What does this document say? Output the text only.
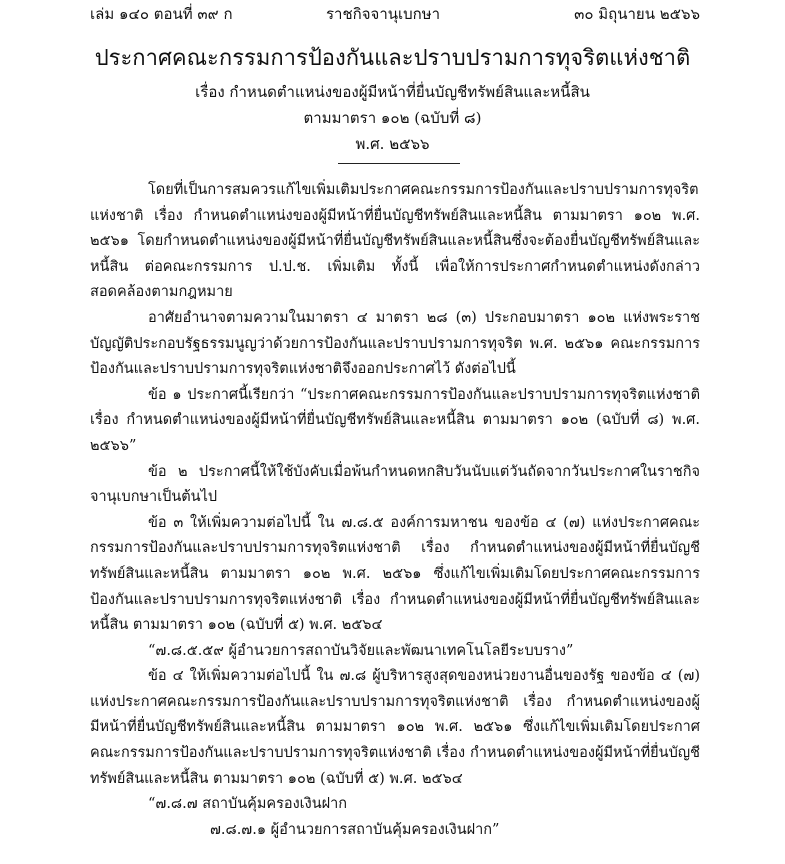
เล่ม ๑๔๐ ตอนที่ ๓๙ ก	ราชกิจจานุเบกษา	๓๐ มิถุนายน ๒๕๖๖
ประกาศคณะกรรมการป้องกันและปราบปรามการทุจริตแห่งชาติ
เรื่อง กำหนดตำแหน่งของผู้มีหน้าที่ยื่นบัญชีทรัพย์สินและหนี้สิน
ตามมาตรา ๑๐๒ (ฉบับที่ ๘)
พ.ศ. ๒๕๖๖

โดยที่เป็นการสมควรแก้ไขเพิ่มเติมประกาศคณะกรรมการป้องกันและปราบปรามการทุจริตแห่งชาติ เรื่อง กำหนดตำแหน่งของผู้มีหน้าที่ยื่นบัญชีทรัพย์สินและหนี้สิน ตามมาตรา ๑๐๒ พ.ศ. ๒๕๖๑ โดยกำหนดตำแหน่งของผู้มีหน้าที่ยื่นบัญชีทรัพย์สินและหนี้สินซึ่งจะต้องยื่นบัญชีทรัพย์สินและหนี้สิน ต่อคณะกรรมการ ป.ป.ช. เพิ่มเติม ทั้งนี้ เพื่อให้การประกาศกำหนดตำแหน่งดังกล่าวสอดคล้องตามกฎหมาย

อาศัยอำนาจตามความในมาตรา ๔ มาตรา ๒๘ (๓) ประกอบมาตรา ๑๐๒ แห่งพระราชบัญญัติประกอบรัฐธรรมนูญว่าด้วยการป้องกันและปราบปรามการทุจริต พ.ศ. ๒๕๖๑ คณะกรรมการป้องกันและปราบปรามการทุจริตแห่งชาติจึงออกประกาศไว้ ดังต่อไปนี้

ข้อ ๑ ประกาศนี้เรียกว่า “ประกาศคณะกรรมการป้องกันและปราบปรามการทุจริตแห่งชาติ เรื่อง กำหนดตำแหน่งของผู้มีหน้าที่ยื่นบัญชีทรัพย์สินและหนี้สิน ตามมาตรา ๑๐๒ (ฉบับที่ ๘) พ.ศ. ๒๕๖๖”

ข้อ ๒ ประกาศนี้ให้ใช้บังคับเมื่อพ้นกำหนดหกสิบวันนับแต่วันถัดจากวันประกาศในราชกิจจานุเบกษาเป็นต้นไป

ข้อ ๓ ให้เพิ่มความต่อไปนี้ ใน ๗.๘.๕ องค์การมหาชน ของข้อ ๔ (๗) แห่งประกาศคณะกรรมการป้องกันและปราบปรามการทุจริตแห่งชาติ เรื่อง กำหนดตำแหน่งของผู้มีหน้าที่ยื่นบัญชีทรัพย์สินและหนี้สิน ตามมาตรา ๑๐๒ พ.ศ. ๒๕๖๑ ซึ่งแก้ไขเพิ่มเติมโดยประกาศคณะกรรมการป้องกันและปราบปรามการทุจริตแห่งชาติ เรื่อง กำหนดตำแหน่งของผู้มีหน้าที่ยื่นบัญชีทรัพย์สินและหนี้สิน ตามมาตรา ๑๐๒ (ฉบับที่ ๕) พ.ศ. ๒๕๖๔

“๗.๘.๕.๕๙ ผู้อำนวยการสถาบันวิจัยและพัฒนาเทคโนโลยีระบบราง”

ข้อ ๔ ให้เพิ่มความต่อไปนี้ ใน ๗.๘ ผู้บริหารสูงสุดของหน่วยงานอื่นของรัฐ ของข้อ ๔ (๗) แห่งประกาศคณะกรรมการป้องกันและปราบปรามการทุจริตแห่งชาติ เรื่อง กำหนดตำแหน่งของผู้มีหน้าที่ยื่นบัญชีทรัพย์สินและหนี้สิน ตามมาตรา ๑๐๒ พ.ศ. ๒๕๖๑ ซึ่งแก้ไขเพิ่มเติมโดยประกาศคณะกรรมการป้องกันและปราบปรามการทุจริตแห่งชาติ เรื่อง กำหนดตำแหน่งของผู้มีหน้าที่ยื่นบัญชีทรัพย์สินและหนี้สิน ตามมาตรา ๑๐๒ (ฉบับที่ ๕) พ.ศ. ๒๕๖๔

“๗.๘.๗ สถาบันคุ้มครองเงินฝาก

๗.๘.๗.๑ ผู้อำนวยการสถาบันคุ้มครองเงินฝาก”
